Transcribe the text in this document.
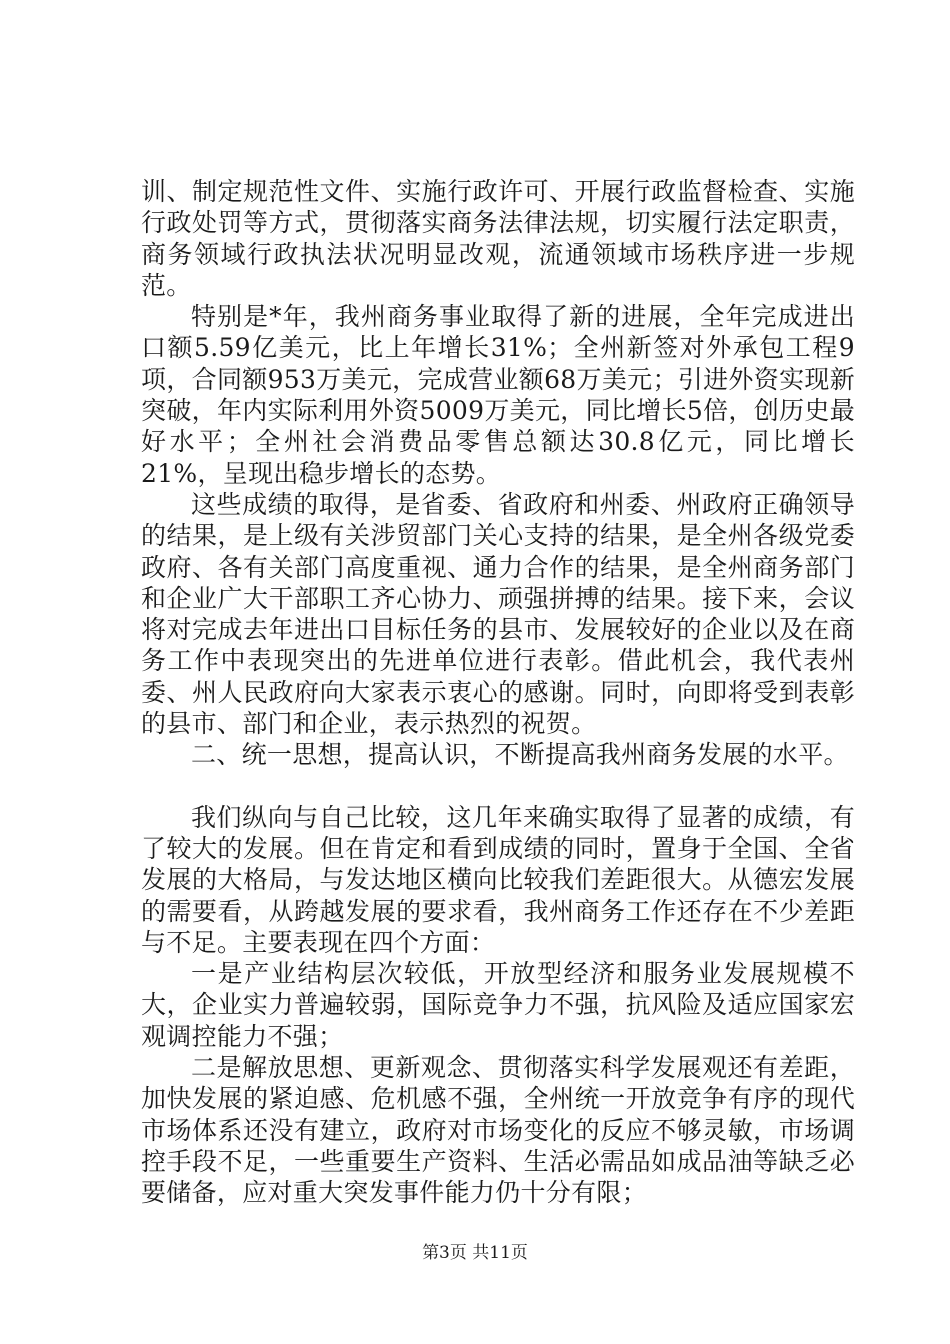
训、制定规范性文件、实施行政许可、开展行政监督检查、实施行政处罚等方式，贯彻落实商务法律法规，切实履行法定职责，商务领域行政执法状况明显改观，流通领域市场秩序进一步规范。

特别是*年，我州商务事业取得了新的进展，全年完成进出口额5.59亿美元，比上年增长31%；全州新签对外承包工程9项，合同额953万美元，完成营业额68万美元；引进外资实现新突破，年内实际利用外资5009万美元，同比增长5倍，创历史最好水平；全州社会消费品零售总额达30.8亿元，同比增长21%，呈现出稳步增长的态势。

这些成绩的取得，是省委、省政府和州委、州政府正确领导的结果，是上级有关涉贸部门关心支持的结果，是全州各级党委政府、各有关部门高度重视、通力合作的结果，是全州商务部门和企业广大干部职工齐心协力、顽强拼搏的结果。接下来，会议将对完成去年进出口目标任务的县市、发展较好的企业以及在商务工作中表现突出的先进单位进行表彰。借此机会，我代表州委、州人民政府向大家表示衷心的感谢。同时，向即将受到表彰的县市、部门和企业，表示热烈的祝贺。

二、统一思想，提高认识，不断提高我州商务发展的水平。

我们纵向与自己比较，这几年来确实取得了显著的成绩，有了较大的发展。但在肯定和看到成绩的同时，置身于全国、全省发展的大格局，与发达地区横向比较我们差距很大。从德宏发展的需要看，从跨越发展的要求看，我州商务工作还存在不少差距与不足。主要表现在四个方面：

一是产业结构层次较低，开放型经济和服务业发展规模不大，企业实力普遍较弱，国际竞争力不强，抗风险及适应国家宏观调控能力不强；

二是解放思想、更新观念、贯彻落实科学发展观还有差距，加快发展的紧迫感、危机感不强，全州统一开放竞争有序的现代市场体系还没有建立，政府对市场变化的反应不够灵敏，市场调控手段不足，一些重要生产资料、生活必需品如成品油等缺乏必要储备，应对重大突发事件能力仍十分有限；

第3页 共11页
